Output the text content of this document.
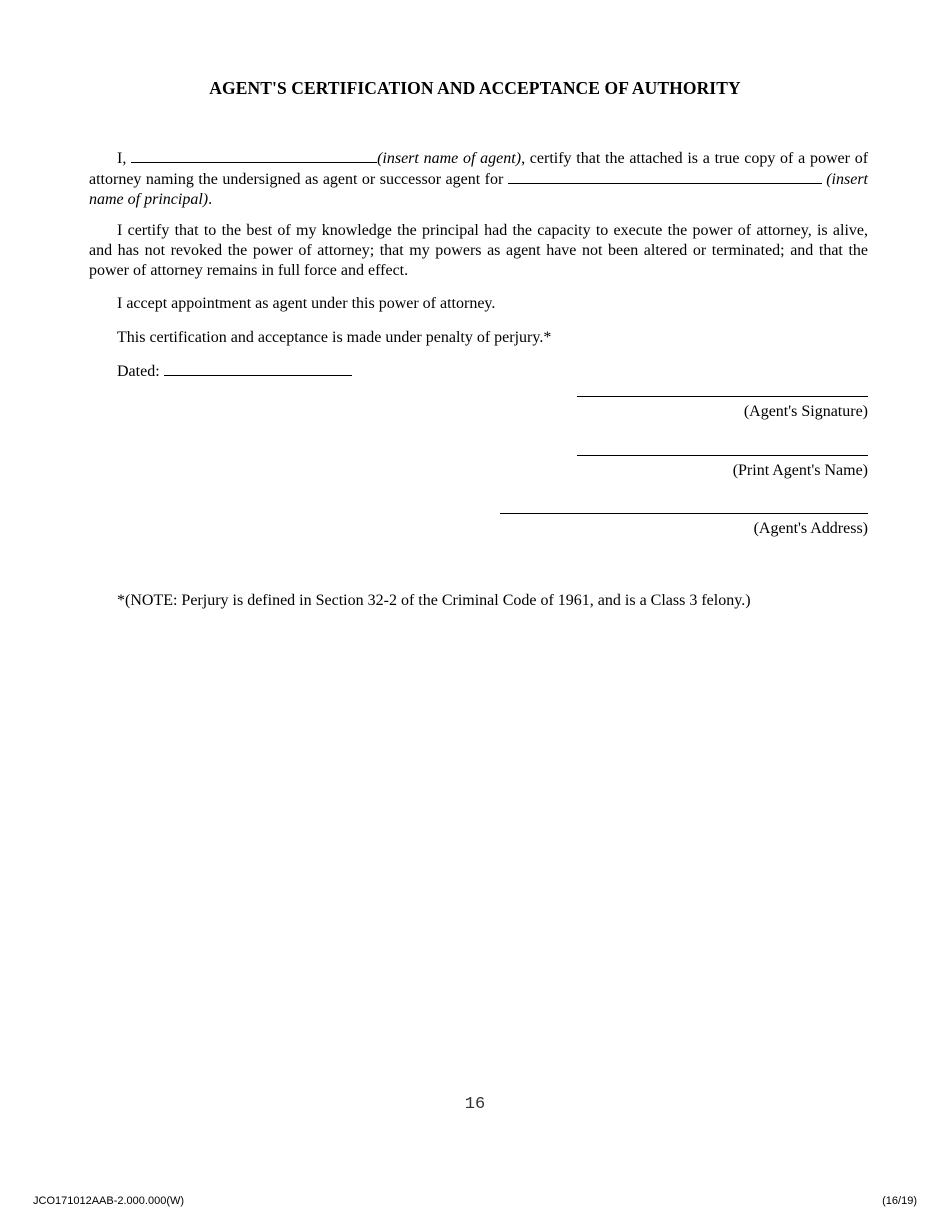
AGENT'S CERTIFICATION AND ACCEPTANCE OF AUTHORITY
I,	(insert name of agent), certify that the attached is a true copy of a power of attorney naming the undersigned as agent or successor agent for	(insert name of principal).
I certify that to the best of my knowledge the principal had the capacity to execute the power of attorney, is alive, and has not revoked the power of attorney; that my powers as agent have not been altered or terminated; and that the power of attorney remains in full force and effect.
I accept appointment as agent under this power of attorney.
This certification and acceptance is made under penalty of perjury.*
Dated:
(Agent's Signature)
(Print Agent's Name)
(Agent's Address)
*(NOTE: Perjury is defined in Section 32‑2 of the Criminal Code of 1961, and is a Class 3 felony.)
16
JCO171012AAB-2.000.000(W)	(16/19)
